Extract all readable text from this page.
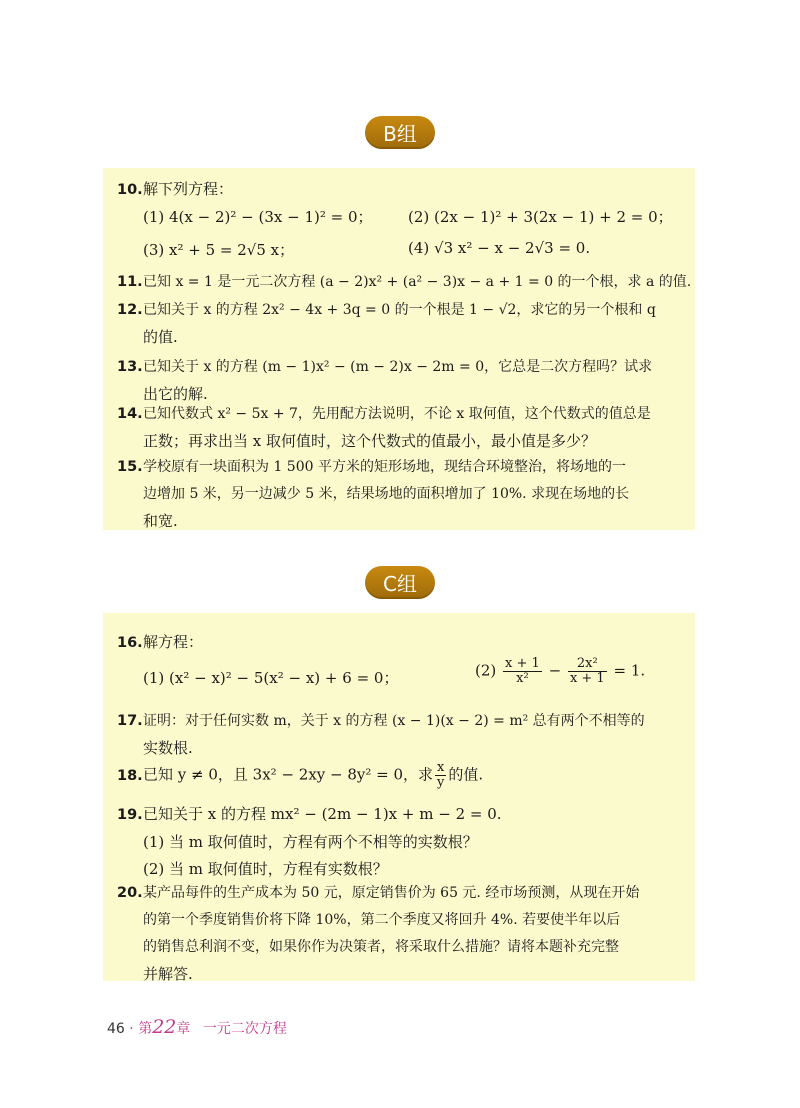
B组
10.解下列方程：
(1) 4(x − 2)² − (3x − 1)² = 0； (2) (2x − 1)² + 3(2x − 1) + 2 = 0；
(3) x² + 5 = 2√5 x；	(4) √3 x² − x − 2√3 = 0.
11.已知 x = 1 是一元二次方程 (a − 2)x² + (a² − 3)x − a + 1 = 0 的一个根，求 a 的值.
12.已知关于 x 的方程 2x² − 4x + 3q = 0 的一个根是 1 − √2，求它的另一个根和 q
的值.
13.已知关于 x 的方程 (m − 1)x² − (m − 2)x − 2m = 0，它总是二次方程吗？试求
出它的解.
14.已知代数式 x² − 5x + 7，先用配方法说明，不论 x 取何值，这个代数式的值总是
正数；再求出当 x 取何值时，这个代数式的值最小，最小值是多少？
15.学校原有一块面积为 1 500 平方米的矩形场地，现结合环境整治，将场地的一
边增加 5 米，另一边减少 5 米，结果场地的面积增加了 10%. 求现在场地的长
和宽.
C组
16.解方程：
(1) (x² − x)² − 5(x² − x) + 6 = 0；	$(2) \frac{x + 1}{\text{x²}} - \frac{\text{2x²}}{x + 1} = 1$.
17.证明：对于任何实数 m，关于 x 的方程 (x − 1)(x − 2) = m² 总有两个不相等的
实数根.
18.已知 y ≠ 0，且 3x² − 2xy − 8y² = 0，求 $\frac{x}{y}$ 的值.
19.已知关于 x 的方程 mx² − (2m − 1)x + m − 2 = 0.
(1) 当 m 取何值时，方程有两个不相等的实数根？
(2) 当 m 取何值时，方程有实数根？
20.某产品每件的生产成本为 50 元，原定销售价为 65 元. 经市场预测，从现在开始
的第一个季度销售价将下降 10%，第二个季度又将回升 4%. 若要使半年以后
的销售总利润不变，如果你作为决策者，将采取什么措施？请将本题补充完整
并解答.
46 · 第22章 一元二次方程
